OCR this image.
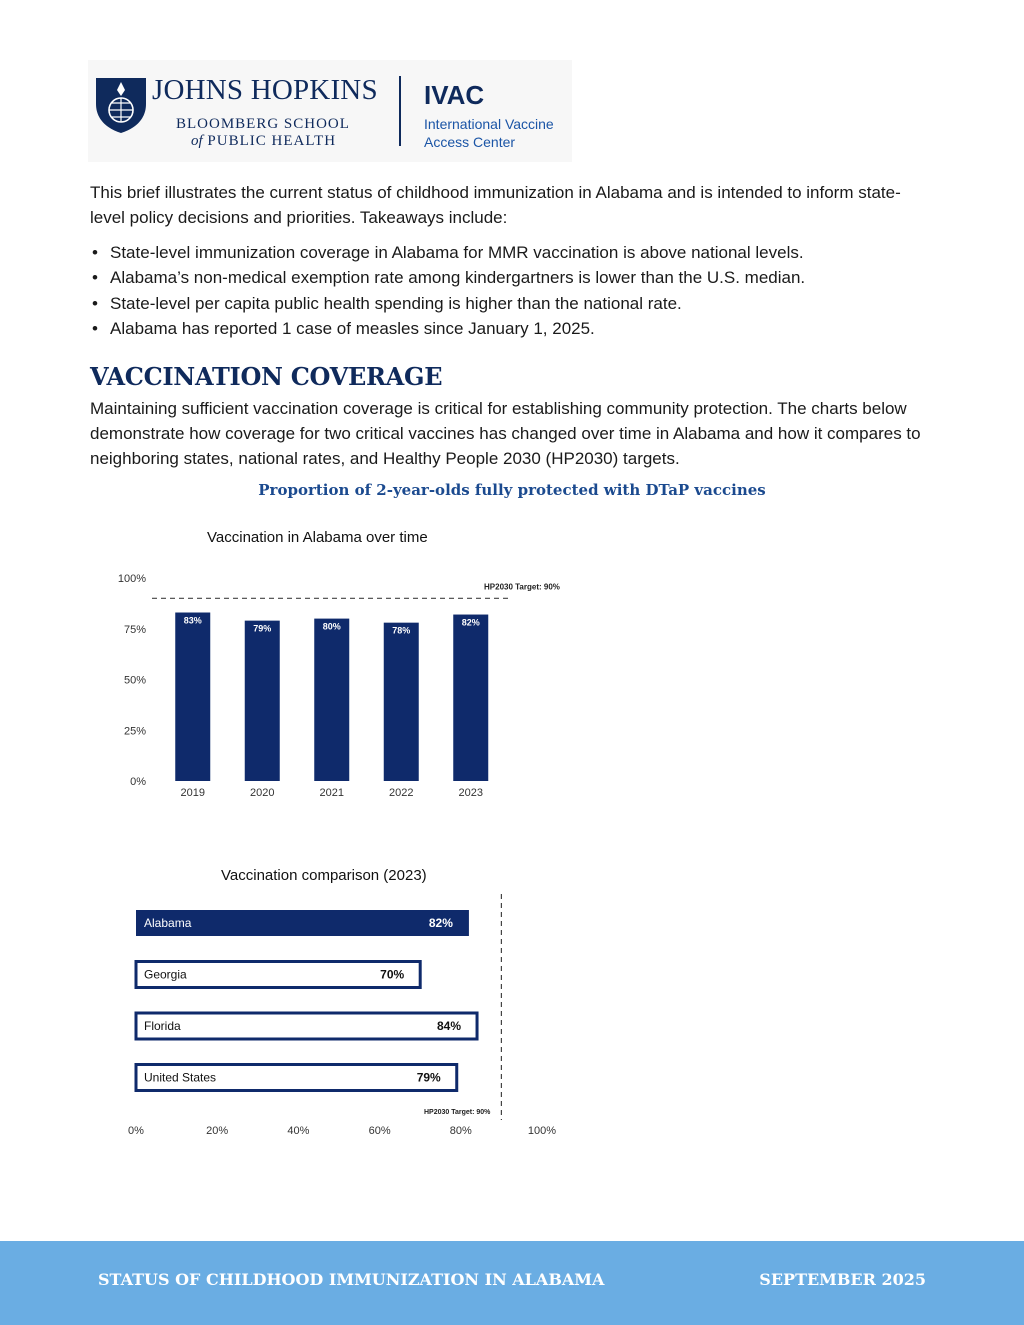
JOHNS HOPKINS
BLOOMBERG SCHOOL
of PUBLIC HEALTH
IVAC
International Vaccine
Access Center
This brief illustrates the current status of childhood immunization in Alabama and is intended to inform state-level policy decisions and priorities. Takeaways include:
• State-level immunization coverage in Alabama for MMR vaccination is above national levels.
• Alabama’s non-medical exemption rate among kindergartners is lower than the U.S. median.
• State-level per capita public health spending is higher than the national rate.
• Alabama has reported 1 case of measles since January 1, 2025.
VACCINATION COVERAGE
Maintaining sufficient vaccination coverage is critical for establishing community protection. The charts below demonstrate how coverage for two critical vaccines has changed over time in Alabama and how it compares to neighboring states, national rates, and Healthy People 2030 (HP2030) targets.
Proportion of 2-year-olds fully protected with DTaP vaccines
Vaccination in Alabama over time
0%
25%
50%
75%
100%
83%
2019
79%
2020
80%
2021
78%
2022
82%
2023
HP2030 Target: 90%
Vaccination comparison (2023)
Alabama	82%
Georgia	70%
Florida	84%
United States	79%
HP2030 Target: 90%
0%	20%	40%	60%	80%	100%
STATUS OF CHILDHOOD IMMUNIZATION IN ALABAMA	SEPTEMBER 2025
